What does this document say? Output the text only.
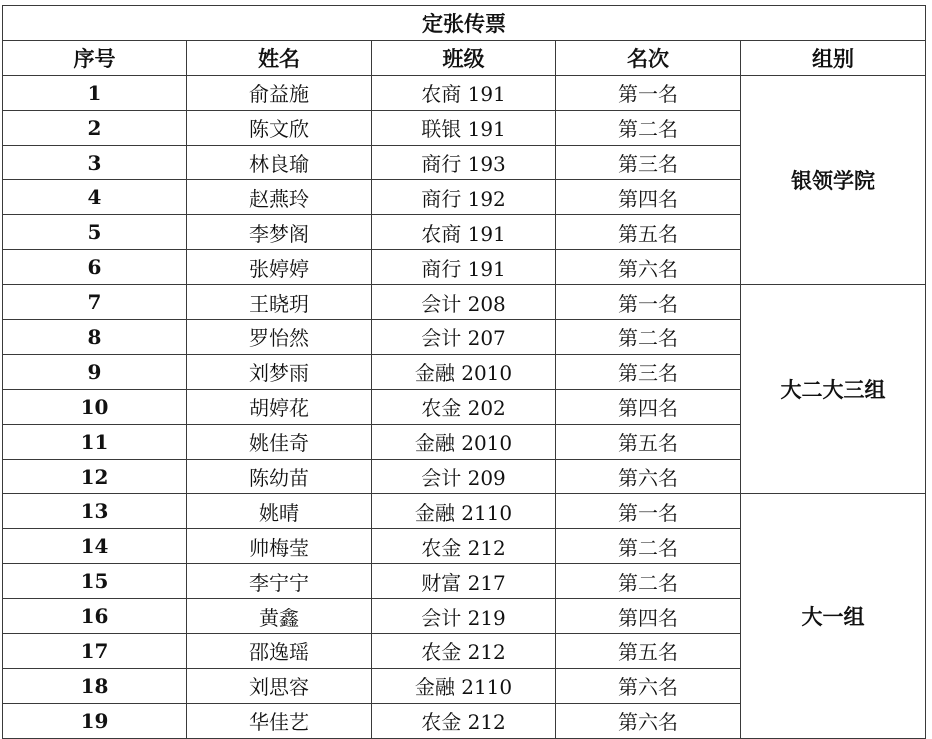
定张传票				
序号	姓名	班级	名次	组别
1	俞益施	农商 191	第一名	银领学院
2	陈文欣	联银 191	第二名	
3	林良瑜	商行 193	第三名	
4	赵燕玲	商行 192	第四名	
5	李梦阁	农商 191	第五名	
6	张婷婷	商行 191	第六名	
7	王晓玥	会计 208	第一名	大二大三组
8	罗怡然	会计 207	第二名	
9	刘梦雨	金融 2010	第三名	
10	胡婷花	农金 202	第四名	
11	姚佳奇	金融 2010	第五名	
12	陈幼苗	会计 209	第六名	
13	姚晴	金融 2110	第一名	大一组
14	帅梅莹	农金 212	第二名	
15	李宁宁	财富 217	第二名	
16	黄鑫	会计 219	第四名	
17	邵逸瑶	农金 212	第五名	
18	刘思容	金融 2110	第六名	
19	华佳艺	农金 212	第六名	
